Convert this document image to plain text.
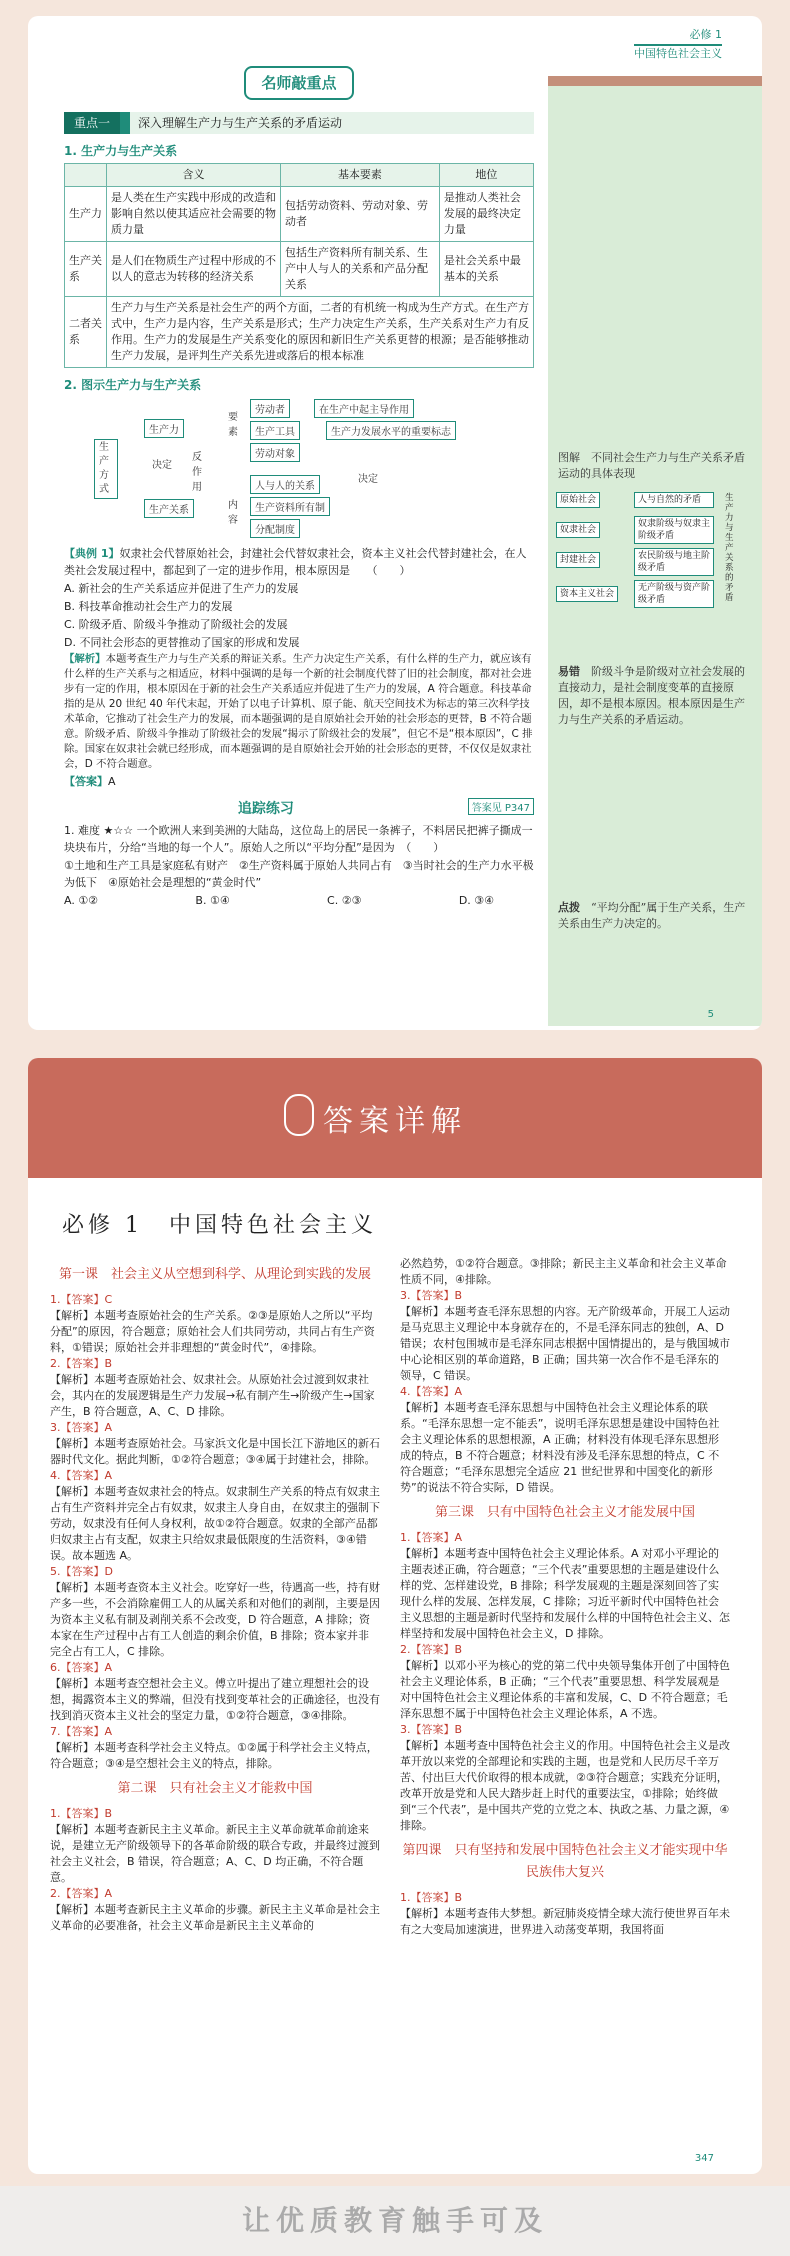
必修 1
中国特色社会主义
名师敲重点
重点一	深入理解生产力与生产关系的矛盾运动
1. 生产力与生产关系
	含义	基本要素	地位
生产力	是人类在生产实践中形成的改造和影响自然以使其适应社会需要的物质力量	包括劳动资料、劳动对象、劳动者	是推动人类社会发展的最终决定力量
生产关系	是人们在物质生产过程中形成的不以人的意志为转移的经济关系	包括生产资料所有制关系、生产中人与人的关系和产品分配关系	是社会关系中最基本的关系
二者关系	生产力与生产关系是社会生产的两个方面，二者的有机统一构成为生产方式。在生产方式中，生产力是内容，生产关系是形式；生产力决定生产关系，生产关系对生产力有反作用。生产力的发展是生产关系变化的原因和新旧生产关系更替的根源；是否能够推动生产力发展，是评判生产关系先进或落后的根本标准		
2. 图示生产力与生产关系
生产方式
生产力
生产关系
决定
反作用
要素
内容
劳动者
生产工具
劳动对象
在生产中起主导作用
生产力发展水平的重要标志
人与人的关系
生产资料所有制
分配制度
决定

【典例 1】奴隶社会代替原始社会，封建社会代替奴隶社会，资本主义社会代替封建社会，在人类社会发展过程中，都起到了一定的进步作用，根本原因是　　（　　）

A. 新社会的生产关系适应并促进了生产力的发展

B. 科技革命推动社会生产力的发展

C. 阶级矛盾、阶级斗争推动了阶级社会的发展

D. 不同社会形态的更替推动了国家的形成和发展

【解析】本题考查生产力与生产关系的辩证关系。生产力决定生产关系，有什么样的生产力，就应该有什么样的生产关系与之相适应，材料中强调的是每一个新的社会制度代替了旧的社会制度，都对社会进步有一定的作用，根本原因在于新的社会生产关系适应并促进了生产力的发展，A 符合题意。科技革命指的是从 20 世纪 40 年代末起，开始了以电子计算机、原子能、航天空间技术为标志的第三次科学技术革命，它推动了社会生产力的发展，而本题强调的是自原始社会开始的社会形态的更替，B 不符合题意。阶级矛盾、阶级斗争推动了阶级社会的发展“揭示了阶级社会的发展”，但它不是“根本原因”，C 排除。国家在奴隶社会就已经形成，而本题强调的是自原始社会开始的社会形态的更替，不仅仅是奴隶社会，D 不符合题意。

【答案】A

追踪练习	答案见 P347

1. 难度 ★☆☆ 一个欧洲人来到美洲的大陆岛，这位岛上的居民一条裤子，不料居民把裤子撕成一块块布片，分给“当地的每一个人”。原始人之所以“平均分配”是因为　（　　）

①土地和生产工具是家庭私有财产　②生产资料属于原始人共同占有　③当时社会的生产力水平极为低下　④原始社会是理想的“黄金时代”

A. ①②	B. ①④	C. ②③	D. ③④

图解　不同社会生产力与生产关系矛盾运动的具体表现
原始社会
奴隶社会
封建社会
资本主义社会
人与自然的矛盾
奴隶阶级与奴隶主阶级矛盾
农民阶级与地主阶级矛盾
无产阶级与资产阶级矛盾
生产力与生产关系的矛盾
易错　 阶级斗争是阶级对立社会发展的直接动力，是社会制度变革的直接原因，却不是根本原因。根本原因是生产力与生产关系的矛盾运动。
点拨　 “平均分配”属于生产关系，生产关系由生产力决定的。
5
答案详解
必修 1　中国特色社会主义
第一课　社会主义从空想到科学、从理论到实践的发展

1.【答案】C

【解析】本题考查原始社会的生产关系。②③是原始人之所以“平均分配”的原因，符合题意；原始社会人们共同劳动，共同占有生产资料，①错误；原始社会并非理想的“黄金时代”，④排除。

2.【答案】B

【解析】本题考查原始社会、奴隶社会。从原始社会过渡到奴隶社会，其内在的发展逻辑是生产力发展→私有制产生→阶级产生→国家产生，B 符合题意，A、C、D 排除。

3.【答案】A

【解析】本题考查原始社会。马家浜文化是中国长江下游地区的新石器时代文化。据此判断，①②符合题意；③④属于封建社会，排除。

4.【答案】A

【解析】本题考查奴隶社会的特点。奴隶制生产关系的特点有奴隶主占有生产资料并完全占有奴隶，奴隶主人身自由，在奴隶主的强制下劳动，奴隶没有任何人身权利，故①②符合题意。奴隶的全部产品都归奴隶主占有支配，奴隶主只给奴隶最低限度的生活资料，③④错误。故本题选 A。

5.【答案】D

【解析】本题考查资本主义社会。吃穿好一些，待遇高一些，持有财产多一些，不会消除雇佣工人的从属关系和对他们的剥削，主要是因为资本主义私有制及剥削关系不会改变，D 符合题意，A 排除；资本家在生产过程中占有工人创造的剩余价值，B 排除；资本家并非完全占有工人，C 排除。

6.【答案】A

【解析】本题考查空想社会主义。傅立叶提出了建立理想社会的设想，揭露资本主义的弊端，但没有找到变革社会的正确途径，也没有找到消灭资本主义社会的坚定力量，①②符合题意，③④排除。

7.【答案】A

【解析】本题考查科学社会主义特点。①②属于科学社会主义特点，符合题意；③④是空想社会主义的特点，排除。

第二课　只有社会主义才能救中国

1.【答案】B

【解析】本题考查新民主主义革命。新民主主义革命就革命前途来说，是建立无产阶级领导下的各革命阶级的联合专政，并最终过渡到社会主义社会，B 错误，符合题意；A、C、D 均正确，不符合题意。

2.【答案】A

【解析】本题考查新民主主义革命的步骤。新民主主义革命是社会主义革命的必要准备，社会主义革命是新民主主义革命的

必然趋势，①②符合题意。③排除；新民主主义革命和社会主义革命性质不同，④排除。

3.【答案】B

【解析】本题考查毛泽东思想的内容。无产阶级革命，开展工人运动是马克思主义理论中本身就存在的，不是毛泽东同志的独创，A、D 错误；农村包围城市是毛泽东同志根据中国情提出的，是与俄国城市中心论相区别的革命道路，B 正确；国共第一次合作不是毛泽东的领导，C 错误。

4.【答案】A

【解析】本题考查毛泽东思想与中国特色社会主义理论体系的联系。“毛泽东思想一定不能丢”，说明毛泽东思想是建设中国特色社会主义理论体系的思想根源，A 正确；材料没有体现毛泽东思想形成的特点，B 不符合题意；材料没有涉及毛泽东思想的特点，C 不符合题意；“毛泽东思想完全适应 21 世纪世界和中国变化的新形势”的说法不符合实际，D 错误。

第三课　只有中国特色社会主义才能发展中国

1.【答案】A

【解析】本题考查中国特色社会主义理论体系。A 对邓小平理论的主题表述正确，符合题意；“三个代表”重要思想的主题是建设什么样的党、怎样建设党，B 排除；科学发展观的主题是深刻回答了实现什么样的发展、怎样发展，C 排除；习近平新时代中国特色社会主义思想的主题是新时代坚持和发展什么样的中国特色社会主义、怎样坚持和发展中国特色社会主义，D 排除。

2.【答案】B

【解析】以邓小平为核心的党的第二代中央领导集体开创了中国特色社会主义理论体系，B 正确；“三个代表”重要思想、科学发展观是对中国特色社会主义理论体系的丰富和发展，C、D 不符合题意；毛泽东思想不属于中国特色社会主义理论体系，A 不选。

3.【答案】B

【解析】本题考查中国特色社会主义的作用。中国特色社会主义是改革开放以来党的全部理论和实践的主题，也是党和人民历尽千辛万苦、付出巨大代价取得的根本成就，②③符合题意；实践充分证明，改革开放是党和人民大踏步赶上时代的重要法宝，①排除；始终做到“三个代表”，是中国共产党的立党之本、执政之基、力量之源，④排除。

第四课　只有坚持和发展中国特色社会主义才能实现中华民族伟大复兴

1.【答案】B

【解析】本题考查伟大梦想。新冠肺炎疫情全球大流行使世界百年未有之大变局加速演进，世界进入动荡变革期，我国将面

347
让优质教育触手可及
